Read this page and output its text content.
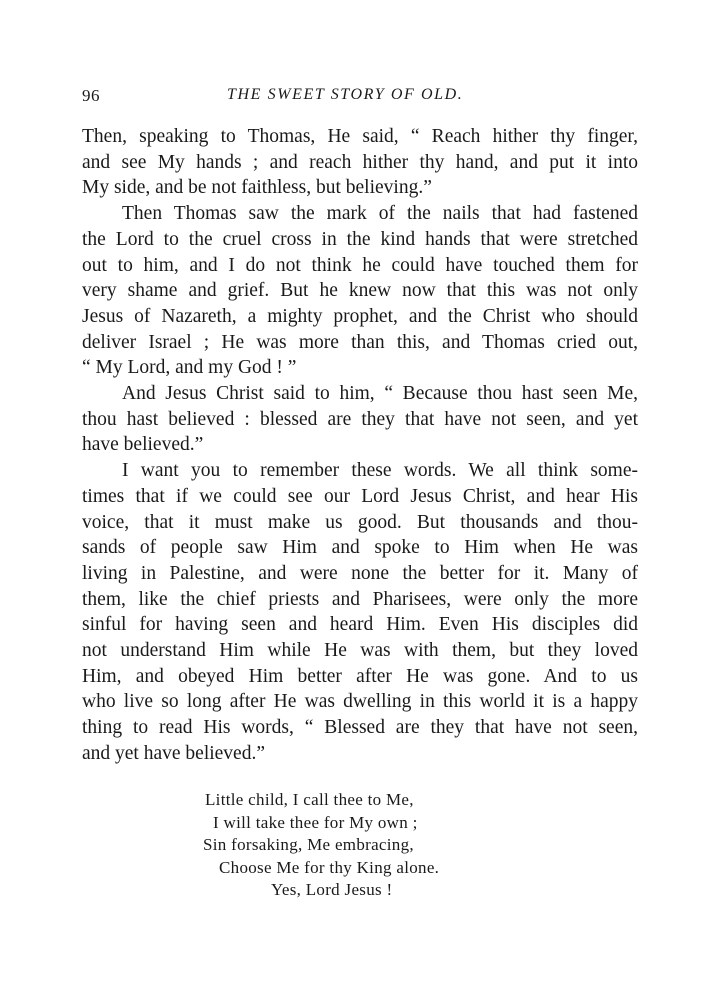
96	THE SWEET STORY OF OLD.

Then, speaking to Thomas, He said, “ Reach hither thy finger,
and see My hands ; and reach hither thy hand, and put it into
My side, and be not faithless, but believing.”

Then Thomas saw the mark of the nails that had fastened
the Lord to the cruel cross in the kind hands that were stretched
out to him, and I do not think he could have touched them for
very shame and grief. But he knew now that this was not only
Jesus of Nazareth, a mighty prophet, and the Christ who should
deliver Israel ; He was more than this, and Thomas cried out,
“ My Lord, and my God ! ”

And Jesus Christ said to him, “ Because thou hast seen Me,
thou hast believed : blessed are they that have not seen, and yet
have believed.”

I want you to remember these words. We all think some-
times that if we could see our Lord Jesus Christ, and hear His
voice, that it must make us good. But thousands and thou-
sands of people saw Him and spoke to Him when He was
living in Palestine, and were none the better for it. Many of
them, like the chief priests and Pharisees, were only the more
sinful for having seen and heard Him. Even His disciples did
not understand Him while He was with them, but they loved
Him, and obeyed Him better after He was gone. And to us
who live so long after He was dwelling in this world it is a happy
thing to read His words, “ Blessed are they that have not seen,
and yet have believed.”

Little child, I call thee to Me,
I will take thee for My own ;
Sin forsaking, Me embracing,
Choose Me for thy King alone.
Yes, Lord Jesus !
